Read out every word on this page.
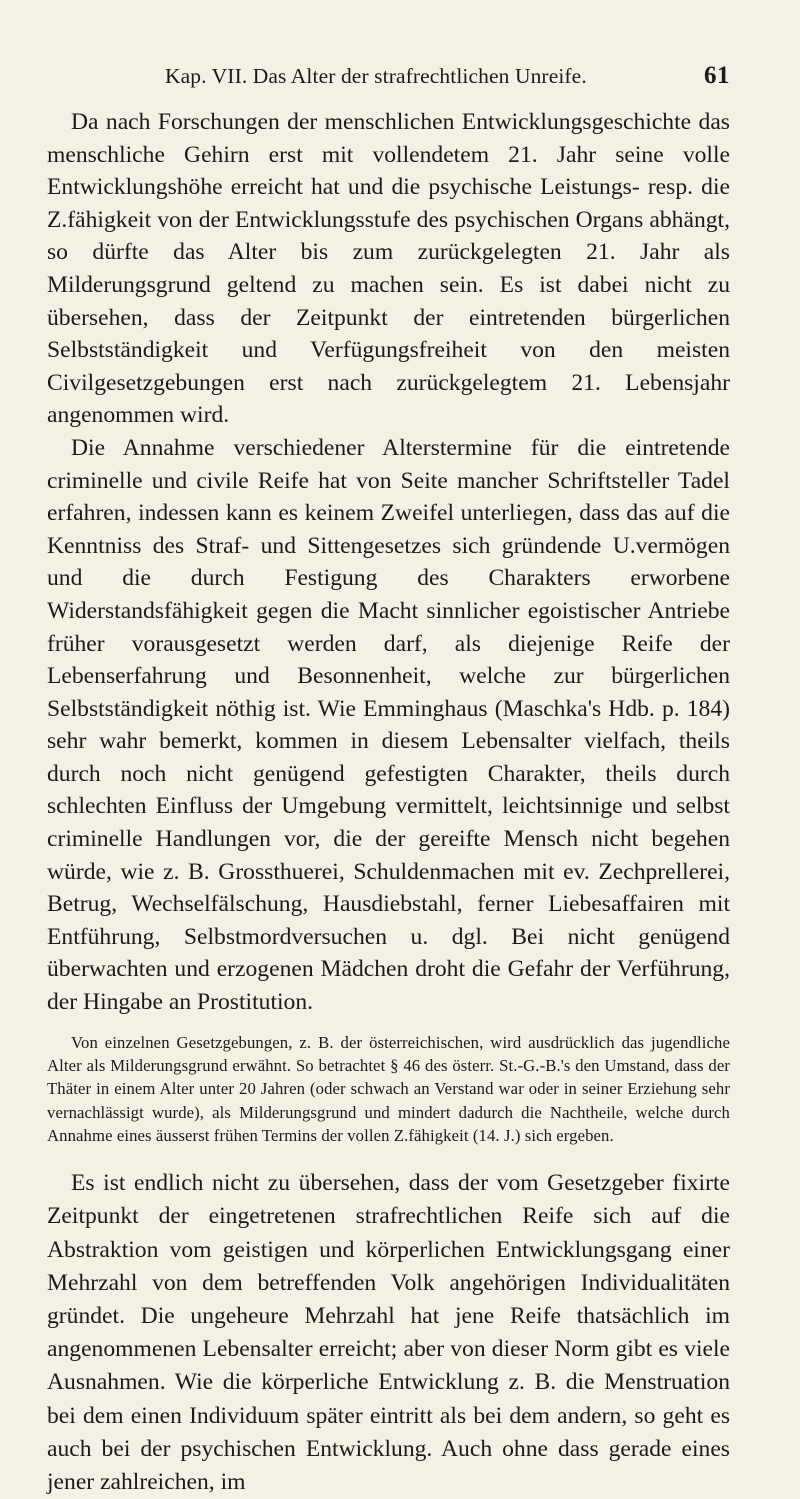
Kap. VII. Das Alter der strafrechtlichen Unreife.	61

Da nach Forschungen der menschlichen Entwicklungsgeschichte das menschliche Gehirn erst mit vollendetem 21. Jahr seine volle Entwicklungshöhe erreicht hat und die psychische Leistungs- resp. die Z.fähigkeit von der Entwicklungsstufe des psychischen Organs abhängt, so dürfte das Alter bis zum zurückgelegten 21. Jahr als Milderungsgrund geltend zu machen sein. Es ist dabei nicht zu übersehen, dass der Zeitpunkt der eintretenden bürgerlichen Selbstständigkeit und Verfügungsfreiheit von den meisten Civilgesetzgebungen erst nach zurückgelegtem 21. Lebensjahr angenommen wird.

Die Annahme verschiedener Alterstermine für die eintretende criminelle und civile Reife hat von Seite mancher Schriftsteller Tadel erfahren, indessen kann es keinem Zweifel unterliegen, dass das auf die Kenntniss des Straf- und Sittengesetzes sich gründende U.vermögen und die durch Festigung des Charakters erworbene Widerstandsfähigkeit gegen die Macht sinnlicher egoistischer Antriebe früher vorausgesetzt werden darf, als diejenige Reife der Lebenserfahrung und Besonnenheit, welche zur bürgerlichen Selbstständigkeit nöthig ist. Wie Emminghaus (Maschka's Hdb. p. 184) sehr wahr bemerkt, kommen in diesem Lebensalter vielfach, theils durch noch nicht genügend gefestigten Charakter, theils durch schlechten Einfluss der Umgebung vermittelt, leichtsinnige und selbst criminelle Handlungen vor, die der gereifte Mensch nicht begehen würde, wie z. B. Grossthuerei, Schuldenmachen mit ev. Zechprellerei, Betrug, Wechselfälschung, Hausdiebstahl, ferner Liebesaffairen mit Entführung, Selbstmordversuchen u. dgl. Bei nicht genügend überwachten und erzogenen Mädchen droht die Gefahr der Verführung, der Hingabe an Prostitution.

Von einzelnen Gesetzgebungen, z. B. der österreichischen, wird ausdrücklich das jugendliche Alter als Milderungsgrund erwähnt. So betrachtet § 46 des österr. St.-G.-B.'s den Umstand, dass der Thäter in einem Alter unter 20 Jahren (oder schwach an Verstand war oder in seiner Erziehung sehr vernachlässigt wurde), als Milderungsgrund und mindert dadurch die Nachtheile, welche durch Annahme eines äusserst frühen Termins der vollen Z.fähigkeit (14. J.) sich ergeben.

Es ist endlich nicht zu übersehen, dass der vom Gesetzgeber fixirte Zeitpunkt der eingetretenen strafrechtlichen Reife sich auf die Abstraktion vom geistigen und körperlichen Entwicklungsgang einer Mehrzahl von dem betreffenden Volk angehörigen Individualitäten gründet. Die ungeheure Mehrzahl hat jene Reife thatsächlich im angenommenen Lebensalter erreicht; aber von dieser Norm gibt es viele Ausnahmen. Wie die körperliche Entwicklung z. B. die Menstruation bei dem einen Individuum später eintritt als bei dem andern, so geht es auch bei der psychischen Entwicklung. Auch ohne dass gerade eines jener zahlreichen, im
